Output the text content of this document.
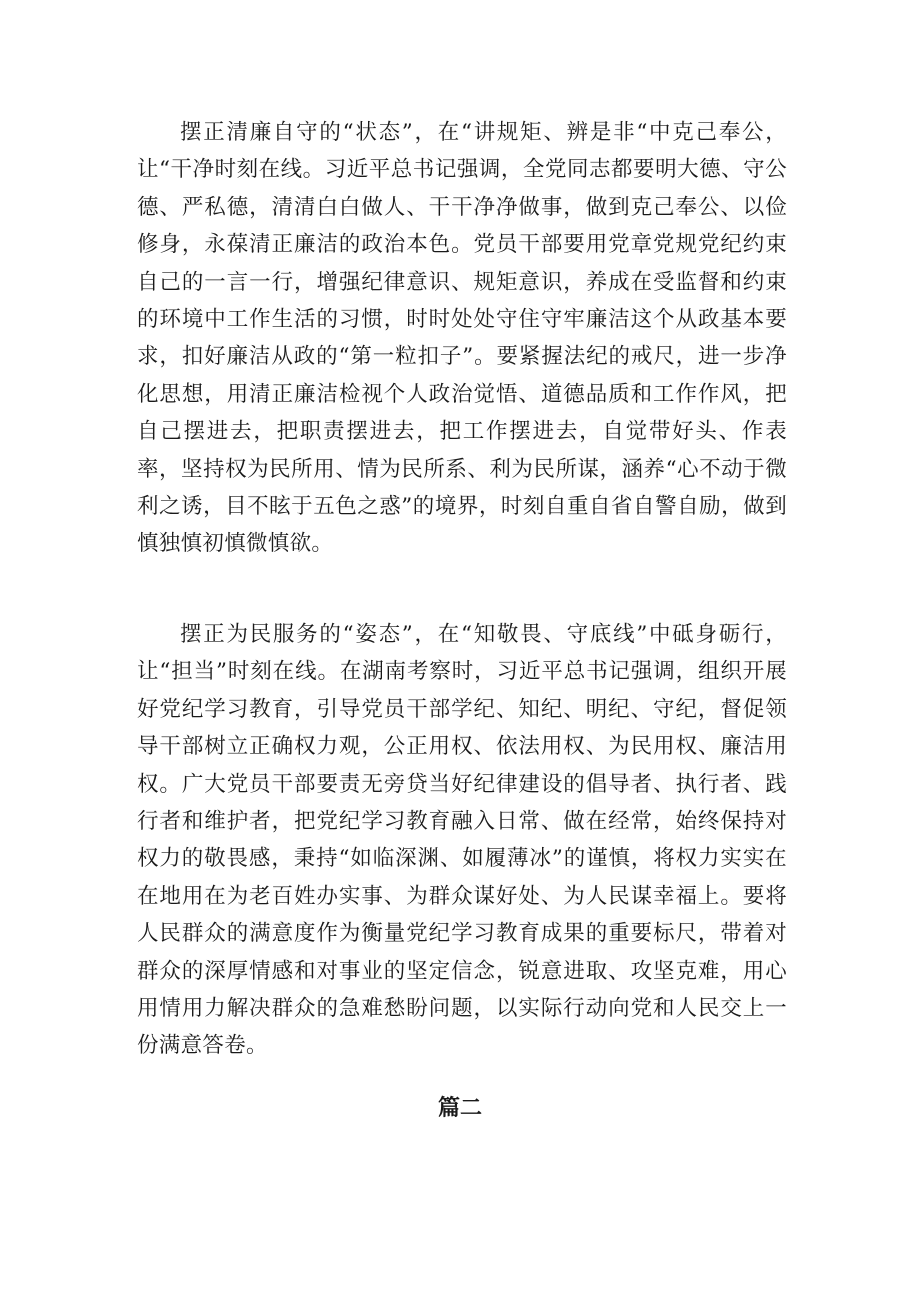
摆正清廉自守的“状态”，在“讲规矩、辨是非“中克己奉公，让“干净时刻在线。习近平总书记强调，全党同志都要明大德、守公德、严私德，清清白白做人、干干净净做事，做到克己奉公、以俭修身，永葆清正廉洁的政治本色。党员干部要用党章党规党纪约束自己的一言一行，增强纪律意识、规矩意识，养成在受监督和约束的环境中工作生活的习惯，时时处处守住守牢廉洁这个从政基本要求，扣好廉洁从政的“第一粒扣子”。要紧握法纪的戒尺，进一步净化思想，用清正廉洁检视个人政治觉悟、道德品质和工作作风，把自己摆进去，把职责摆进去，把工作摆进去，自觉带好头、作表率，坚持权为民所用、情为民所系、利为民所谋，涵养“心不动于微利之诱，目不眩于五色之惑”的境界，时刻自重自省自警自励，做到慎独慎初慎微慎欲。

摆正为民服务的“姿态”，在“知敬畏、守底线”中砥身砺行，让“担当”时刻在线。在湖南考察时，习近平总书记强调，组织开展好党纪学习教育，引导党员干部学纪、知纪、明纪、守纪，督促领导干部树立正确权力观，公正用权、依法用权、为民用权、廉洁用权。广大党员干部要责无旁贷当好纪律建设的倡导者、执行者、践行者和维护者，把党纪学习教育融入日常、做在经常，始终保持对权力的敬畏感，秉持“如临深渊、如履薄冰”的谨慎，将权力实实在在地用在为老百姓办实事、为群众谋好处、为人民谋幸福上。要将人民群众的满意度作为衡量党纪学习教育成果的重要标尺，带着对群众的深厚情感和对事业的坚定信念，锐意进取、攻坚克难，用心用情用力解决群众的急难愁盼问题，以实际行动向党和人民交上一份满意答卷。

篇二
